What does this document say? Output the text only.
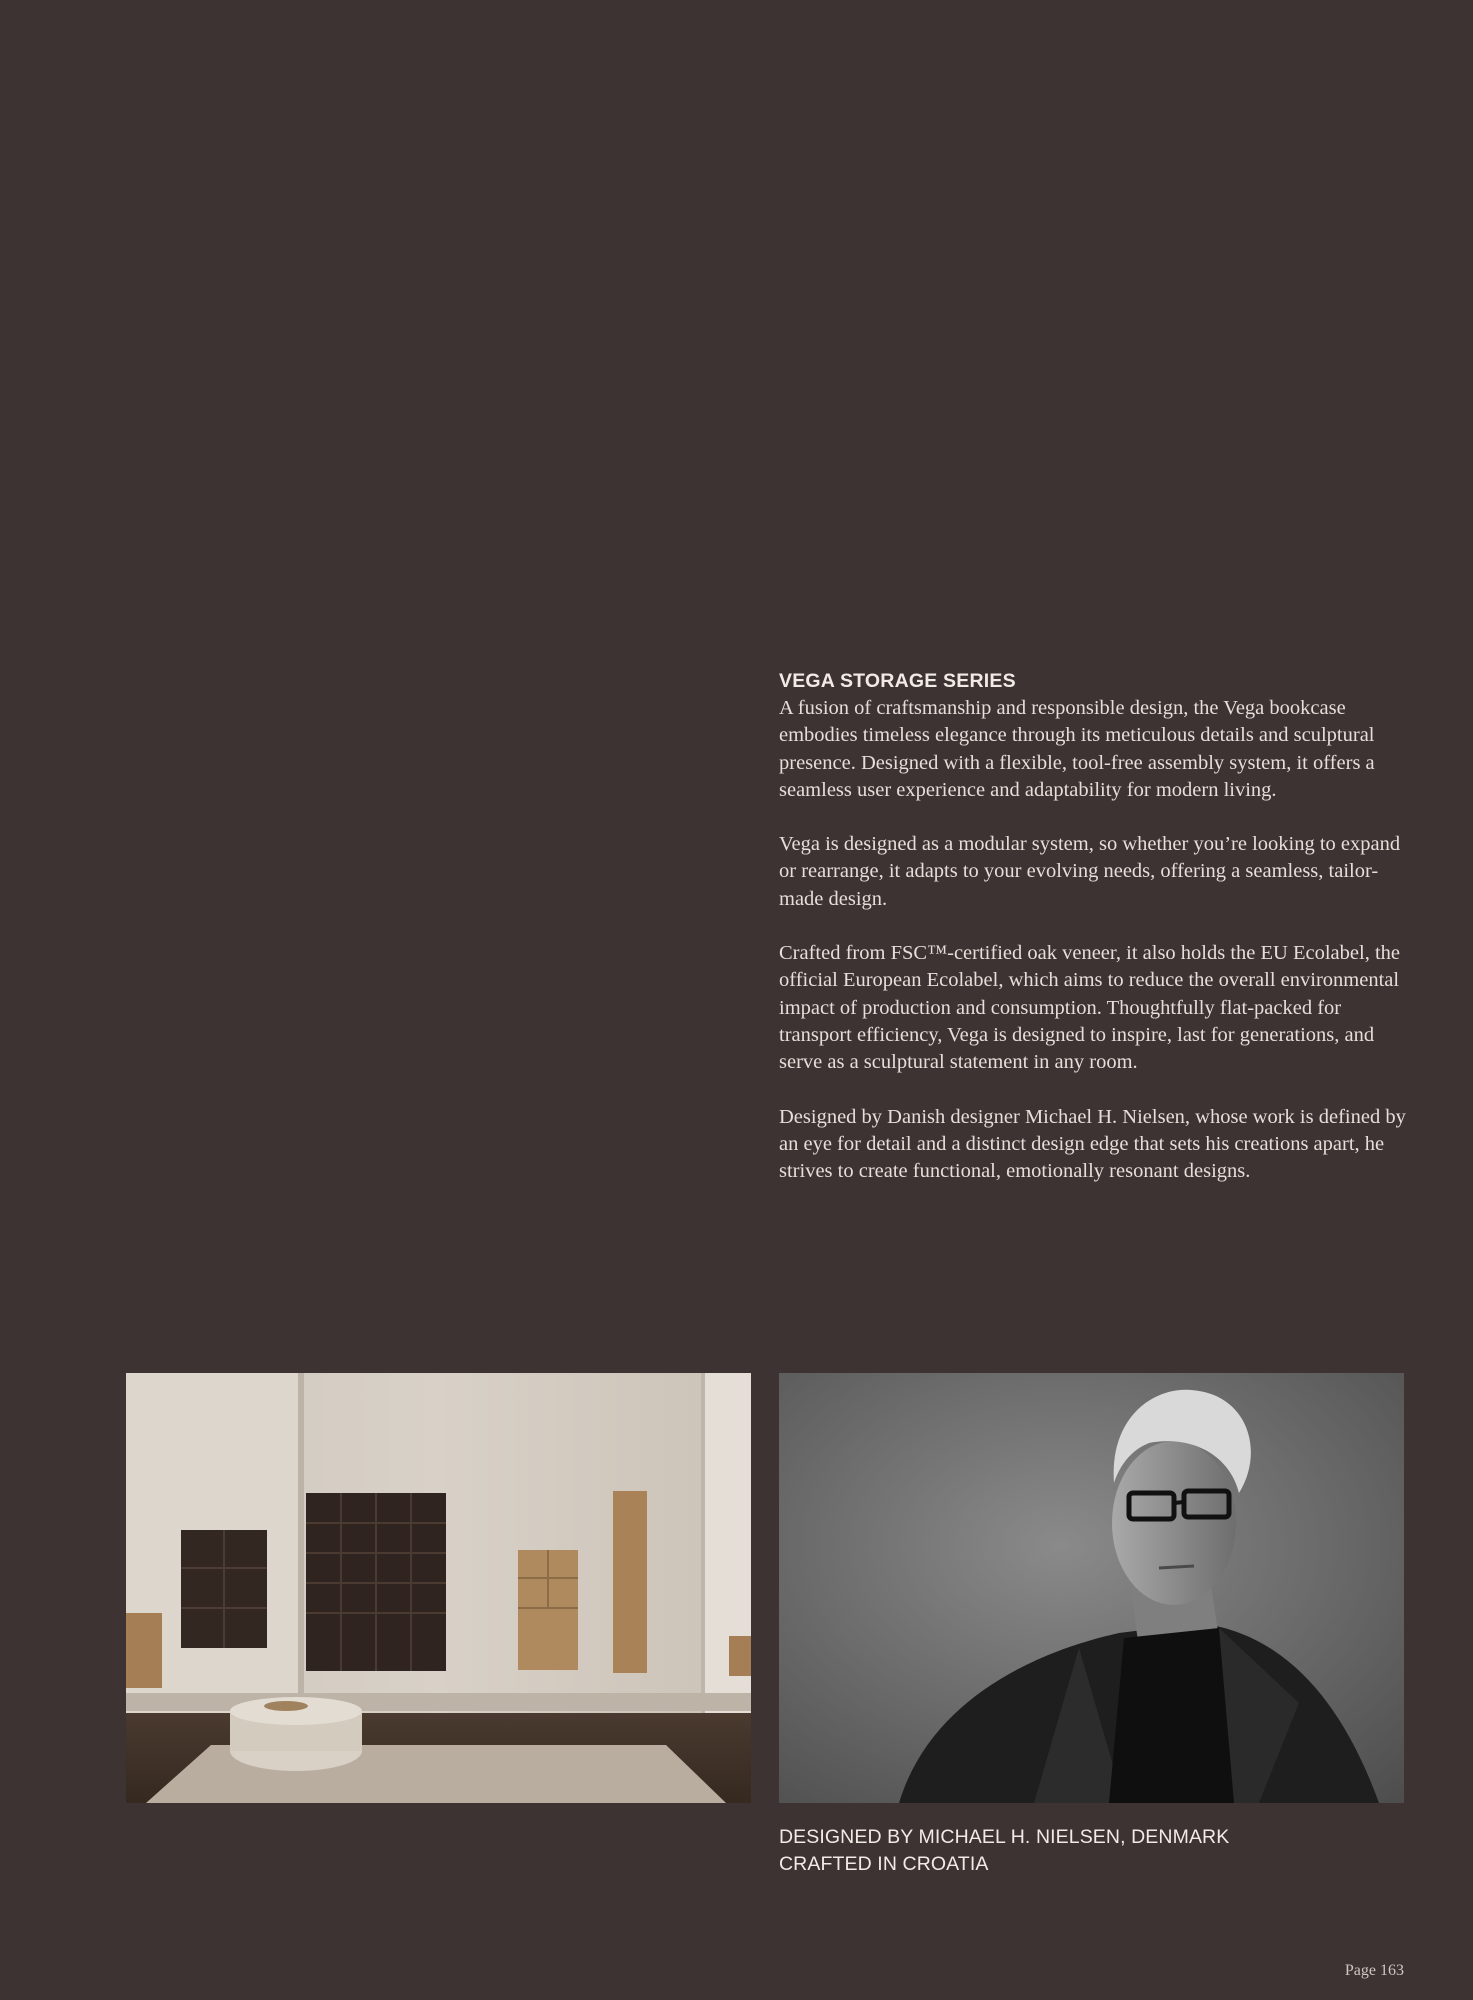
VEGA STORAGE SERIES

A fusion of craftsmanship and responsible design, the Vega bookcase embodies timeless elegance through its meticulous details and sculptural presence. Designed with a flexible, tool-free assembly system, it offers a seamless user experience and adaptability for modern living.

Vega is designed as a modular system, so whether you’re looking to expand or rearrange, it adapts to your evolving needs, offering a seamless, tailor-made design.

Crafted from FSC™-certified oak veneer, it also holds the EU Ecolabel, the official European Ecolabel, which aims to reduce the overall environmental impact of production and consumption. Thoughtfully flat-packed for transport efficiency, Vega is designed to inspire, last for generations, and serve as a sculptural statement in any room.

Designed by Danish designer Michael H. Nielsen, whose work is defined by an eye for detail and a distinct design edge that sets his creations apart, he strives to create functional, emotionally resonant designs.

DESIGNED BY MICHAEL H. NIELSEN, DENMARK
CRAFTED IN CROATIA
Page 163
